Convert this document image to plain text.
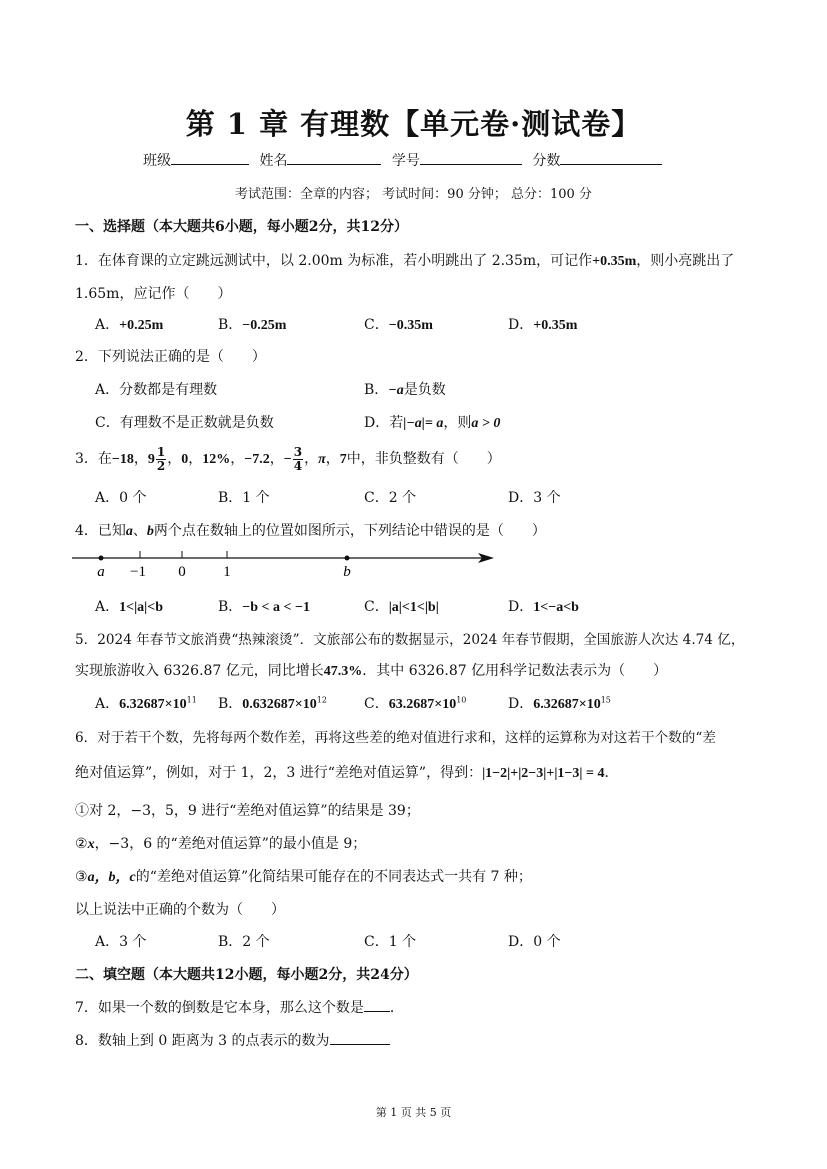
第 1 章 有理数【单元卷·测试卷】
班级	姓名	学号	分数
考试范围：全章的内容； 考试时间：90 分钟； 总分：100 分
一、选择题（本大题共6小题，每小题2分，共12分）
1．在体育课的立定跳远测试中，以 2.00m 为标准，若小明跳出了 2.35m，可记作+0.35m，则小亮跳出了
1.65m，应记作（　　）
A．+0.25m	B．−0.25m	C．−0.35m	D．+0.35m
2．下列说法正确的是（　　）
A．分数都是有理数	B．−a是负数
C．有理数不是正数就是负数	D．若|−a|= a，则a > 0
3．在−18，$9 \frac{1}{2}$ ，0，12%，−7.2，− $\frac{3}{4}$ ，π，7中，非负整数有（　　）
A．0 个	B．1 个	C．2 个	D．3 个
4．已知a、b两个点在数轴上的位置如图所示，下列结论中错误的是（　　）
a −1 0	1	b
A．1<|a|<b	B．−b < a < −1	C．|a|<1<|b|	D．1<−a<b
5．2024 年春节文旅消费“热辣滚烫”．文旅部公布的数据显示，2024 年春节假期，全国旅游人次达 4.74 亿，
实现旅游收入 6326.87 亿元，同比增长47.3%．其中 6326.87 亿用科学记数法表示为（　　）
A．$6.32687\times 10^{11}$ B．$0.632687\times 10^{12}$	C．$63.2687\times 10^{10}$	D．$6.32687\times 10^{15}$
6．对于若干个数，先将每两个数作差，再将这些差的绝对值进行求和，这样的运算称为对这若干个数的“差
绝对值运算”，例如，对于 1，2，3 进行“差绝对值运算”，得到：|1−2|+|2−3|+|1−3| = 4．
①对 2，−3，5，9 进行“差绝对值运算”的结果是 39；
②x，−3，6 的“差绝对值运算”的最小值是 9；
③a，b，c的“差绝对值运算”化简结果可能存在的不同表达式一共有 7 种；
以上说法中正确的个数为（　　）
A．3 个	B．2 个	C．1 个	D．0 个
二、填空题（本大题共12小题，每小题2分，共24分）
7．如果一个数的倒数是它本身，那么这个数是 ．
8．数轴上到 0 距离为 3 的点表示的数为
第 1 页 共 5 页
